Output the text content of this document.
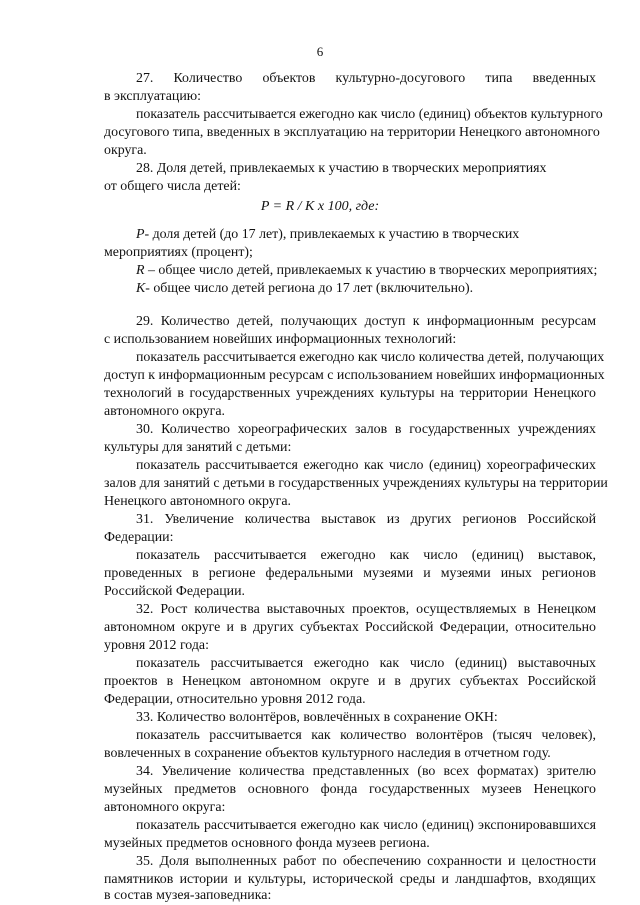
6
27. Количество объектов культурно-досугового типа введенных
в эксплуатацию:
показатель рассчитывается ежегодно как число (единиц) объектов культурного
досугового типа, введенных в эксплуатацию на территории Ненецкого автономного
округа.
28. Доля детей, привлекаемых к участию в творческих мероприятиях
от общего числа детей:
P = R / K x 100, где:
P- доля детей (до 17 лет), привлекаемых к участию в творческих
мероприятиях (процент);
R – общее число детей, привлекаемых к участию в творческих мероприятиях;
K- общее число детей региона до 17 лет (включительно).
29. Количество детей, получающих доступ к информационным ресурсам
с использованием новейших информационных технологий:
показатель рассчитывается ежегодно как число количества детей, получающих
доступ к информационным ресурсам с использованием новейших информационных
технологий в государственных учреждениях культуры на территории Ненецкого
автономного округа.
30. Количество хореографических залов в государственных учреждениях
культуры для занятий с детьми:
показатель рассчитывается ежегодно как число (единиц) хореографических
залов для занятий с детьми в государственных учреждениях культуры на территории
Ненецкого автономного округа.
31. Увеличение количества выставок из других регионов Российской
Федерации:
показатель рассчитывается ежегодно как число (единиц) выставок,
проведенных в регионе федеральными музеями и музеями иных регионов
Российской Федерации.
32. Рост количества выставочных проектов, осуществляемых в Ненецком
автономном округе и в других субъектах Российской Федерации, относительно
уровня 2012 года:
показатель рассчитывается ежегодно как число (единиц) выставочных
проектов в Ненецком автономном округе и в других субъектах Российской
Федерации, относительно уровня 2012 года.
33. Количество волонтёров, вовлечённых в сохранение ОКН:
показатель рассчитывается как количество волонтёров (тысяч человек),
вовлеченных в сохранение объектов культурного наследия в отчетном году.
34. Увеличение количества представленных (во всех форматах) зрителю
музейных предметов основного фонда государственных музеев Ненецкого
автономного округа:
показатель рассчитывается ежегодно как число (единиц) экспонировавшихся
музейных предметов основного фонда музеев региона.
35. Доля выполненных работ по обеспечению сохранности и целостности
памятников истории и культуры, исторической среды и ландшафтов, входящих
в состав музея-заповедника:
